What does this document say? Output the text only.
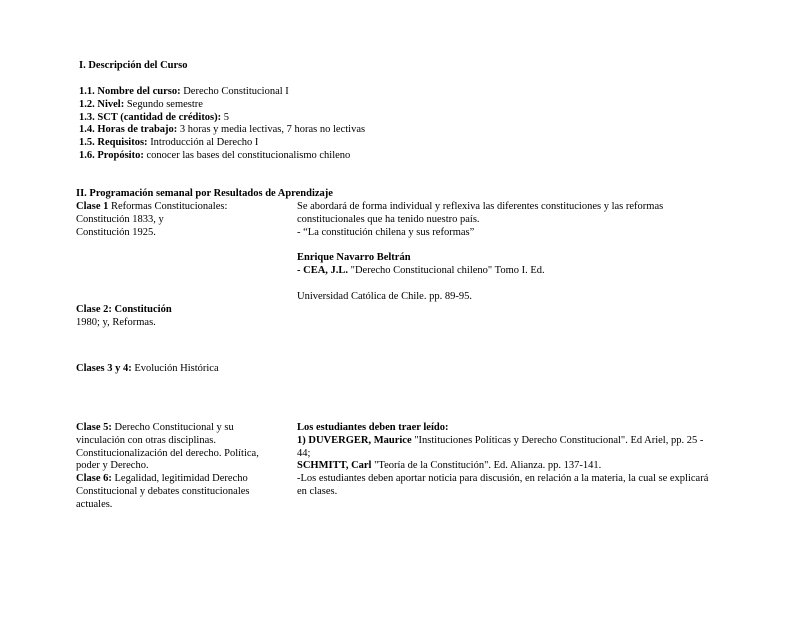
I. Descripción del Curso
1.1. Nombre del curso: Derecho Constitucional I
1.2. Nivel: Segundo semestre
1.3. SCT (cantidad de créditos): 5
1.4. Horas de trabajo: 3 horas y media lectivas, 7 horas no lectivas
1.5. Requisitos: Introducción al Derecho I
1.6. Propósito: conocer las bases del constitucionalismo chileno
II. Programación semanal por Resultados de Aprendizaje
Clase 1 Reformas Constitucionales:
Constitución 1833, y
Constitución 1925.
Se abordará de forma individual y reflexiva las diferentes constituciones y las reformas constitucionales que ha tenido nuestro país.
- “La constitución chilena y sus reformas”
Enrique Navarro Beltrán
- CEA, J.L. "Derecho Constitucional chileno" Tomo I. Ed.
Universidad Católica de Chile. pp. 89-95.
Clase 2: Constitución
1980; y, Reformas.
Clases 3 y 4: Evolución Histórica
Clase 5: Derecho Constitucional y su vinculación con otras disciplinas. Constitucionalización del derecho. Política, poder y Derecho.
Clase 6: Legalidad, legitimidad Derecho Constitucional y debates constitucionales actuales.
Los estudiantes deben traer leído:
1) DUVERGER, Maurice "Instituciones Políticas y Derecho Constitucional". Ed Ariel, pp. 25 - 44;
SCHMITT, Carl "Teoría de la Constitución". Ed. Alianza. pp. 137-141.
-Los estudiantes deben aportar noticia para discusión, en relación a la materia, la cual se explicará en clases.
